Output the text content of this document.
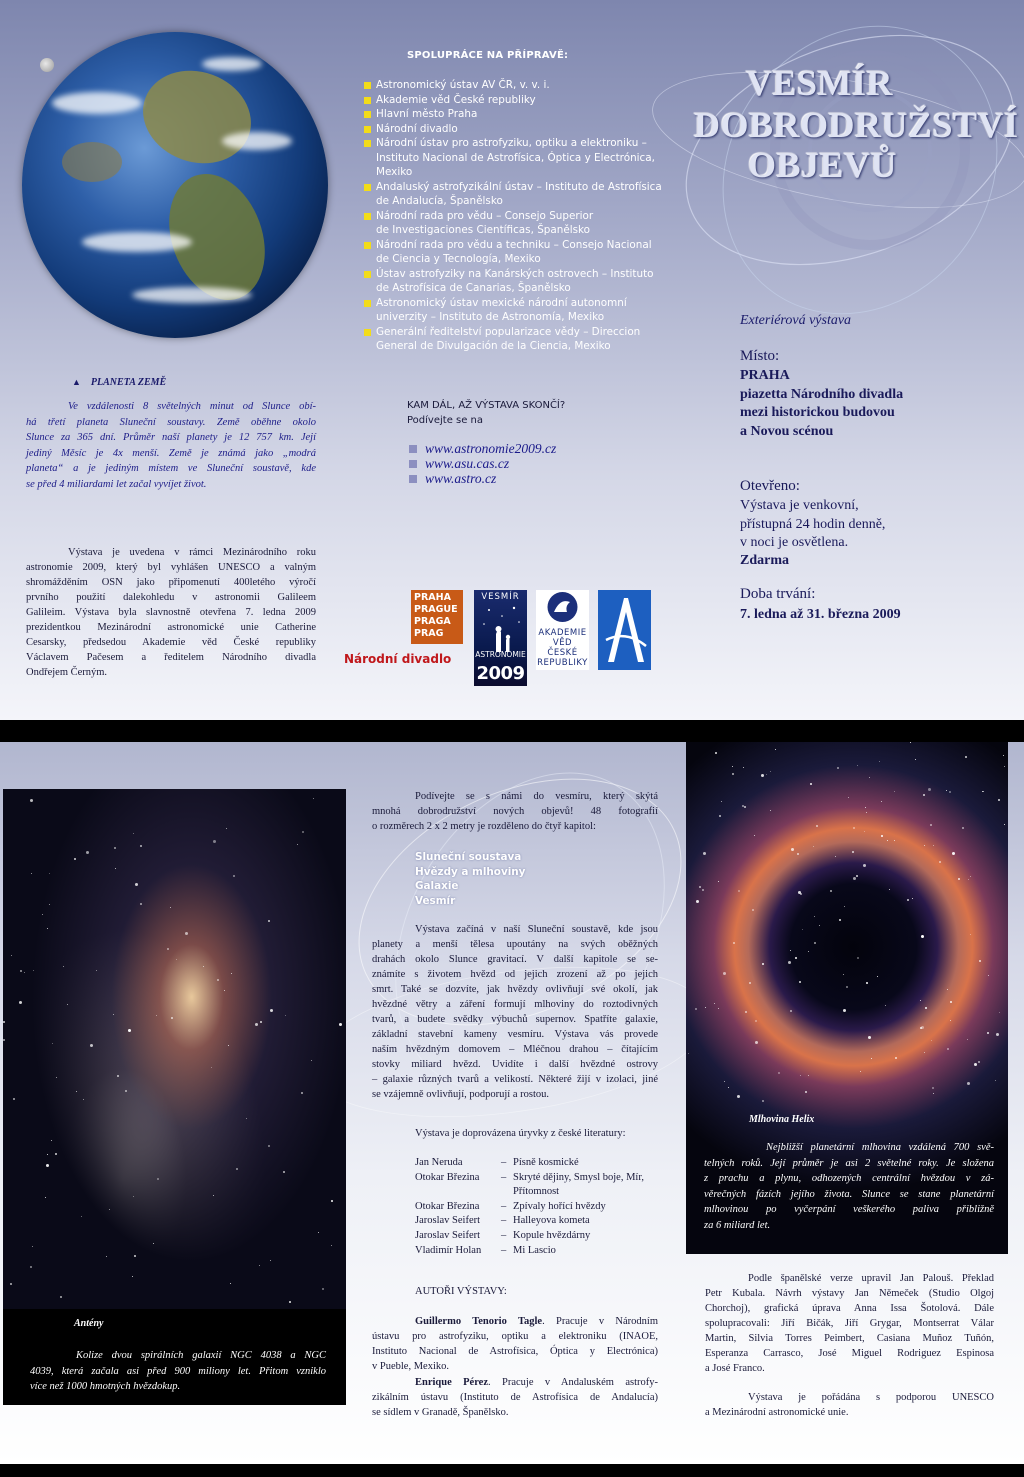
SPOLUPRÁCE NA PŘÍPRAVĚ:
Astronomický ústav AV ČR, v. v. i.
Akademie věd České republiky
Hlavní město Praha
Národní divadlo
Národní ústav pro astrofyziku, optiku a elektroniku –
Instituto Nacional de Astrofísica, Óptica y Electrónica,
Mexiko
Andaluský astrofyzikální ústav – Instituto de Astrofísica
de Andalucía, Španělsko
Národní rada pro vědu – Consejo Superior
de Investigaciones Científicas, Španělsko
Národní rada pro vědu a techniku – Consejo Nacional
de Ciencia y Tecnología, Mexiko
Ústav astrofyziky na Kanárských ostrovech – Instituto
de Astrofísica de Canarias, Španělsko
Astronomický ústav mexické národní autonomní
univerzity – Instituto de Astronomía, Mexiko
Generální ředitelství popularizace vědy – Direccion
General de Divulgación de la Ciencia, Mexiko
VESMÍR
DOBRODRUŽSTVÍ
OBJEVŮ
▲ PLANETA ZEMĚ
Ve vzdálenosti 8 světelných minut od Slunce obí-
há třetí planeta Sluneční soustavy. Země oběhne okolo
Slunce za 365 dní. Průměr naší planety je 12 757 km. Její
jediný Měsíc je 4x menší. Země je známá jako „modrá
planeta“ a je jediným místem ve Sluneční soustavě, kde
se před 4 miliardami let začal vyvíjet život.
Výstava je uvedena v rámci Mezinárodního roku
astronomie 2009, který byl vyhlášen UNESCO a valným
shromážděním OSN jako připomenutí 400letého výročí
prvního použití dalekohledu v astronomii Galileem
Galileim. Výstava byla slavnostně otevřena 7. ledna 2009
prezidentkou Mezinárodní astronomické unie Catherine
Cesarsky, předsedou Akademie věd České republiky
Václavem Pačesem a ředitelem Národního divadla
Ondřejem Černým.
KAM DÁL, AŽ VÝSTAVA SKONČÍ?
Podívejte se na
www.astronomie2009.cz
www.asu.cas.cz
www.astro.cz
PRAHA
PRAGUE
PRAGA
PRAG
Národní divadlo
VESMÍR
ASTRONOMIE
2009
AKADEMIE
VĚD
ČESKÉ
REPUBLIKY
Exteriérová výstava
Místo:
PRAHA
piazetta Národního divadla
mezi historickou budovou
a Novou scénou
Otevřeno:
Výstava je venkovní,
přístupná 24 hodin denně,
v noci je osvětlena.
Zdarma
Doba trvání:
7. ledna až 31. března 2009
Antény
Kolize dvou spirálních galaxií NGC 4038 a NGC
4039, která začala asi před 900 miliony let. Přitom vzniklo
více než 1000 hmotných hvězdokup.
Mlhovina Helix
Nejbližší planetární mlhovina vzdálená 700 svě-
telných roků. Její průměr je asi 2 světelné roky. Je složena
z prachu a plynu, odhozených centrální hvězdou v zá-
věrečných fázích jejího života. Slunce se stane planetární
mlhovinou po vyčerpání veškerého paliva přibližně
za 6 miliard let.
Podívejte se s námi do vesmíru, který skýtá
mnohá dobrodružství nových objevů! 48 fotografií
o rozměrech 2 x 2 metry je rozděleno do čtyř kapitol:
Sluneční soustava
Hvězdy a mlhoviny
Galaxie
Vesmír
Výstava začíná v naší Sluneční soustavě, kde jsou
planety a menší tělesa upoutány na svých oběžných
drahách okolo Slunce gravitací. V další kapitole se se-
známíte s životem hvězd od jejich zrození až po jejich
smrt. Také se dozvíte, jak hvězdy ovlivňují své okolí, jak
hvězdné větry a záření formují mlhoviny do roztodivných
tvarů, a budete svědky výbuchů supernov. Spatříte galaxie,
základní stavební kameny vesmíru. Výstava vás provede
naším hvězdným domovem – Mléčnou drahou – čítajícím
stovky miliard hvězd. Uvidíte i další hvězdné ostrovy
– galaxie různých tvarů a velikostí. Některé žijí v izolaci, jiné
se vzájemně ovlivňují, podporují a rostou.
Výstava je doprovázena úryvky z české literatury:
Jan Neruda	– Písně kosmické
Otokar Březina	– Skryté dějiny, Smysl boje, Mír,
Přítomnost
Otokar Březina	– Zpívaly hořící hvězdy
Jaroslav Seifert	– Halleyova kometa
Jaroslav Seifert	– Kopule hvězdárny
Vladimír Holan	– Mi Lascio
AUTOŘI VÝSTAVY:
Guillermo Tenorio Tagle. Pracuje v Národním
ústavu pro astrofyziku, optiku a elektroniku (INAOE,
Instituto Nacional de Astrofísica, Óptica y Electrónica)
v Pueble, Mexiko.
Enrique Pérez. Pracuje v Andaluském astrofy-
zikálním ústavu (Instituto de Astrofísica de Andalucía)
se sídlem v Granadě, Španělsko.
Podle španělské verze upravil Jan Palouš. Překlad
Petr Kubala. Návrh výstavy Jan Němeček (Studio Olgoj
Chorchoj), grafická úprava Anna Issa Šotolová. Dále
spolupracovali: Jiří Bičák, Jiří Grygar, Montserrat Válar
Martin, Silvia Torres Peimbert, Casiana Muñoz Tuñón,
Esperanza Carrasco, José Miguel Rodriguez Espinosa
a José Franco.
Výstava je pořádána s podporou UNESCO
a Mezinárodní astronomické unie.
